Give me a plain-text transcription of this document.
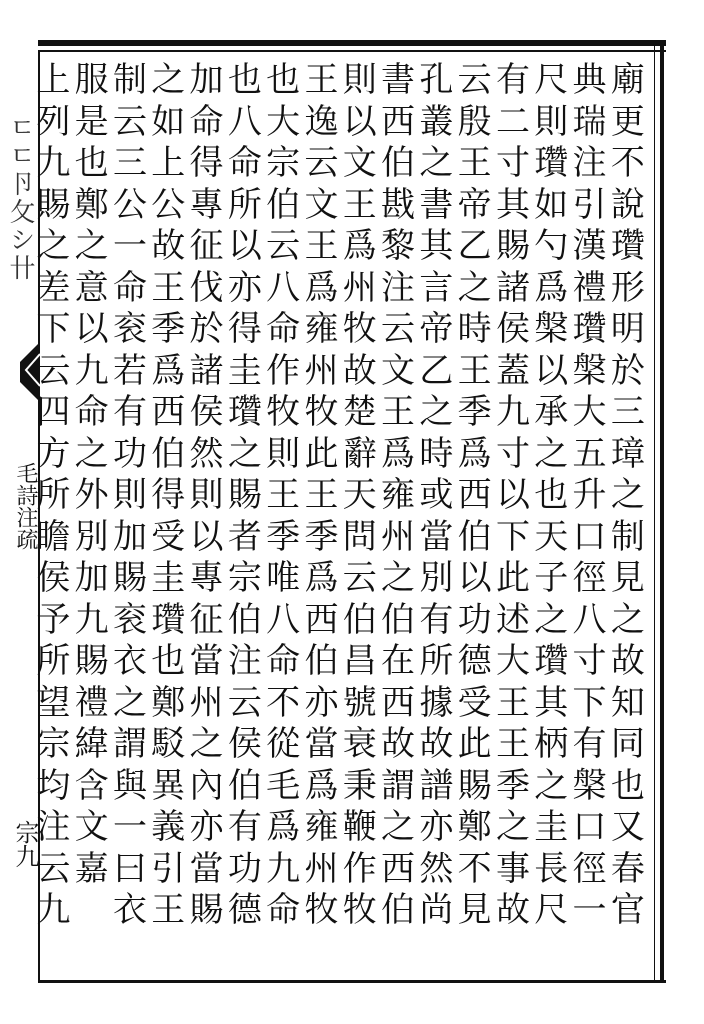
ㄷㄷ卪攵シ卄
毛詩注疏
宗九
廟
更
不
說
瓚
形
明
於
三
璋
之
制
見
之
故
知
同
也
又
春
官
典
瑞
注
引
漢
禮
瓚
槃
大
五
升
口
徑
八
寸
下
有
槃
口
徑
一
尺
則
瓚
如
勺
爲
槃
以
承
之
也
天
子
之
瓚
其
柄
之
圭
長
尺
有
二
寸
其
賜
諸
侯
蓋
九
寸
以
下
此
述
大
王
王
季
之
事
故
云
殷
王
帝
乙
之
時
王
季
爲
西
伯
以
功
德
受
此
賜
鄭
不
見
孔
叢
之
書
其
言
帝
乙
之
時
或
當
別
有
所
據
故
譜
亦
然
尚
書
西
伯
戡
黎
注
云
文
王
爲
雍
州
之
伯
在
西
故
謂
之
西
伯
則
以
文
王
爲
州
牧
故
楚
辭
天
問
云
伯
昌
號
衰
秉
鞭
作
牧
王
逸
云
文
王
爲
雍
州
牧
此
王
季
爲
西
伯
亦
當
爲
雍
州
牧
也
大
宗
伯
云
八
命
作
牧
則
王
季
唯
八
命
不
從
毛
爲
九
命
也
八
命
所
以
亦
得
圭
瓚
之
賜
者
宗
伯
注
云
侯
伯
有
功
德
加
命
得
專
征
伐
於
諸
侯
然
則
以
專
征
當
州
之
內
亦
當
賜
之
如
上
公
故
王
季
爲
西
伯
得
受
圭
瓚
也
鄭
駁
異
義
引
王
制
云
三
公
一
命
衮
若
有
功
則
加
賜
衮
衣
之
謂
與
一
曰
衣
服
是
也
鄭
之
意
以
九
命
之
外
別
加
九
賜
禮
緯
含
文
嘉
上
列
九
賜
之
差
下
云
四
方
所
瞻
侯
予
所
望
宗
均
注
云
九
